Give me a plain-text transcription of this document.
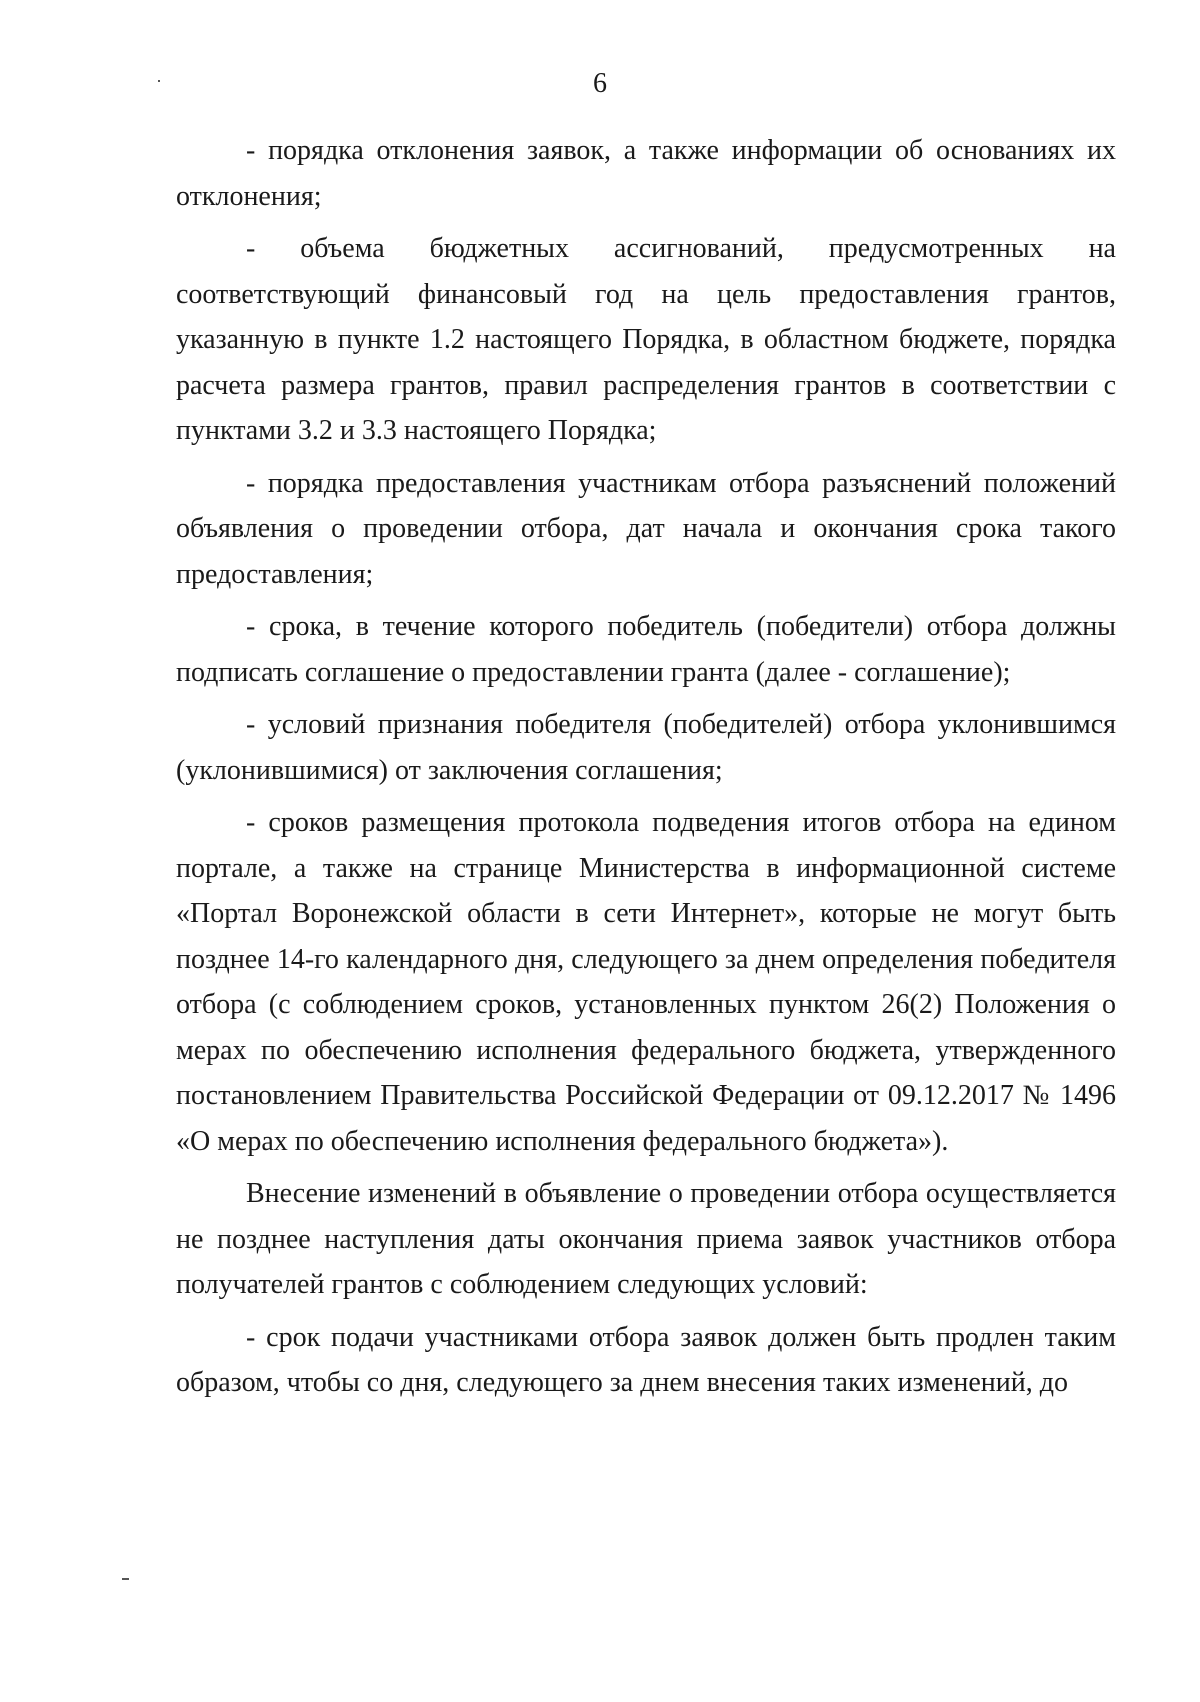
6

- порядка отклонения заявок, а также информации об основаниях их отклонения;

- объема бюджетных ассигнований, предусмотренных на соответствующий финансовый год на цель предоставления грантов, указанную в пункте 1.2 настоящего Порядка, в областном бюджете, порядка расчета размера грантов, правил распределения грантов в соответствии с пунктами 3.2 и 3.3 настоящего Порядка;

- порядка предоставления участникам отбора разъяснений положений объявления о проведении отбора, дат начала и окончания срока такого предоставления;

- срока, в течение которого победитель (победители) отбора должны подписать соглашение о предоставлении гранта (далее - соглашение);

- условий признания победителя (победителей) отбора уклонившимся (уклонившимися) от заключения соглашения;

- сроков размещения протокола подведения итогов отбора на едином портале, а также на странице Министерства в информационной системе «Портал Воронежской области в сети Интернет», которые не могут быть позднее 14-го календарного дня, следующего за днем определения победителя отбора (с соблюдением сроков, установленных пунктом 26(2) Положения о мерах по обеспечению исполнения федерального бюджета, утвержденного постановлением Правительства Российской Федерации от 09.12.2017 № 1496 «О мерах по обеспечению исполнения федерального бюджета»).

Внесение изменений в объявление о проведении отбора осуществляется не позднее наступления даты окончания приема заявок участников отбора получателей грантов с соблюдением следующих условий:

- срок подачи участниками отбора заявок должен быть продлен таким образом, чтобы со дня, следующего за днем внесения таких изменений, до
